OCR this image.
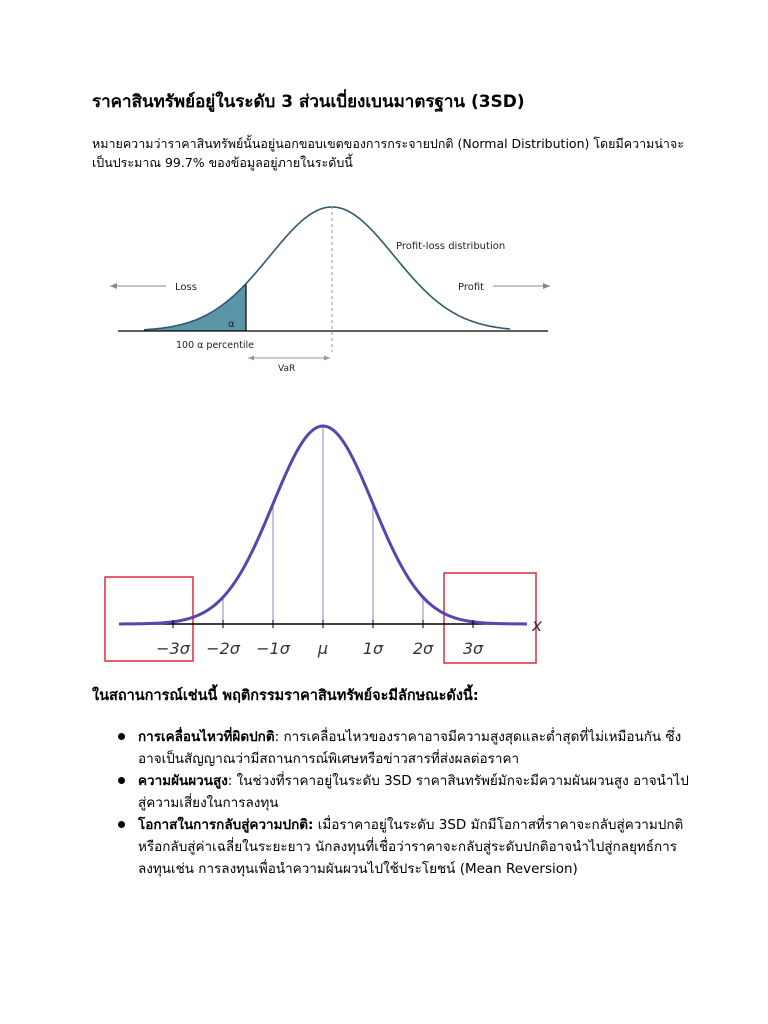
ราคาสินทรัพย์อยู่ในระดับ 3 ส่วนเบี่ยงเบนมาตรฐาน (3SD)

หมายความว่าราคาสินทรัพย์นั้นอยู่นอกขอบเขตของการกระจายปกติ (Normal Distribution) โดยมีความน่าจะเป็นประมาณ 99.7% ของข้อมูลอยู่ภายในระดับนี้

Profit-loss distribution
Loss	Profit
α
100 α percentile
VaR
x
−3σ −2σ −1σ μ 1σ 2σ 3σ
ในสถานการณ์เช่นนี้ พฤติกรรมราคาสินทรัพย์จะมีลักษณะดังนี้:
การเคลื่อนไหวที่ผิดปกติ: การเคลื่อนไหวของราคาอาจมีความสูงสุดและต่ำสุดที่ไม่เหมือนกัน ซึ่งอาจเป็นสัญญาณว่ามีสถานการณ์พิเศษหรือข่าวสารที่ส่งผลต่อราคา
ความผันผวนสูง: ในช่วงที่ราคาอยู่ในระดับ 3SD ราคาสินทรัพย์มักจะมีความผันผวนสูง อาจนำไปสู่ความเสี่ยงในการลงทุน
โอกาสในการกลับสู่ความปกติ: เมื่อราคาอยู่ในระดับ 3SD มักมีโอกาสที่ราคาจะกลับสู่ความปกติ หรือกลับสู่ค่าเฉลี่ยในระยะยาว นักลงทุนที่เชื่อว่าราคาจะกลับสู่ระดับปกติอาจนำไปสู่กลยุทธ์การลงทุนเช่น การลงทุนเพื่อนำความผันผวนไปใช้ประโยชน์ (Mean Reversion)
